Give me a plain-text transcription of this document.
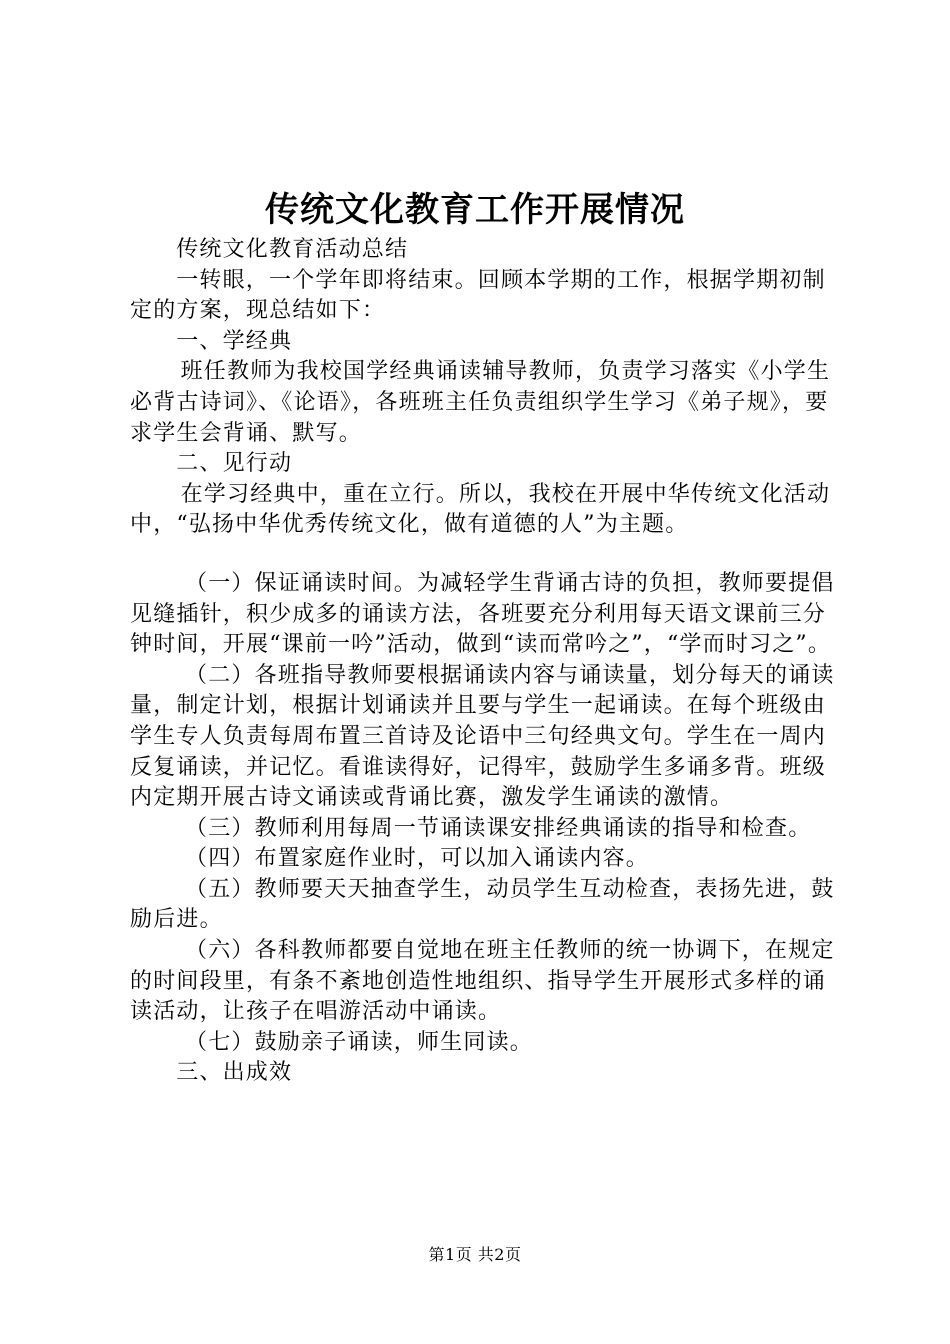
传统文化教育工作开展情况

传统文化教育活动总结

一转眼，一个学年即将结束。回顾本学期的工作，根据学期初制定的方案，现总结如下：

一、学经典

班任教师为我校国学经典诵读辅导教师，负责学习落实《小学生必背古诗词》、《论语》，各班班主任负责组织学生学习《弟子规》，要求学生会背诵、默写。

二、见行动

在学习经典中，重在立行。所以，我校在开展中华传统文化活动中，“弘扬中华优秀传统文化，做有道德的人”为主题。

（一）保证诵读时间。为减轻学生背诵古诗的负担，教师要提倡见缝插针，积少成多的诵读方法，各班要充分利用每天语文课前三分钟时间，开展“课前一吟”活动，做到“读而常吟之”，“学而时习之”。

（二）各班指导教师要根据诵读内容与诵读量，划分每天的诵读量，制定计划，根据计划诵读并且要与学生一起诵读。在每个班级由学生专人负责每周布置三首诗及论语中三句经典文句。学生在一周内反复诵读，并记忆。看谁读得好，记得牢，鼓励学生多诵多背。班级内定期开展古诗文诵读或背诵比赛，激发学生诵读的激情。

（三）教师利用每周一节诵读课安排经典诵读的指导和检查。

（四）布置家庭作业时，可以加入诵读内容。

（五）教师要天天抽查学生，动员学生互动检查，表扬先进，鼓励后进。

（六）各科教师都要自觉地在班主任教师的统一协调下，在规定的时间段里，有条不紊地创造性地组织、指导学生开展形式多样的诵读活动，让孩子在唱游活动中诵读。

（七）鼓励亲子诵读，师生同读。

三、出成效

第1页 共2页
